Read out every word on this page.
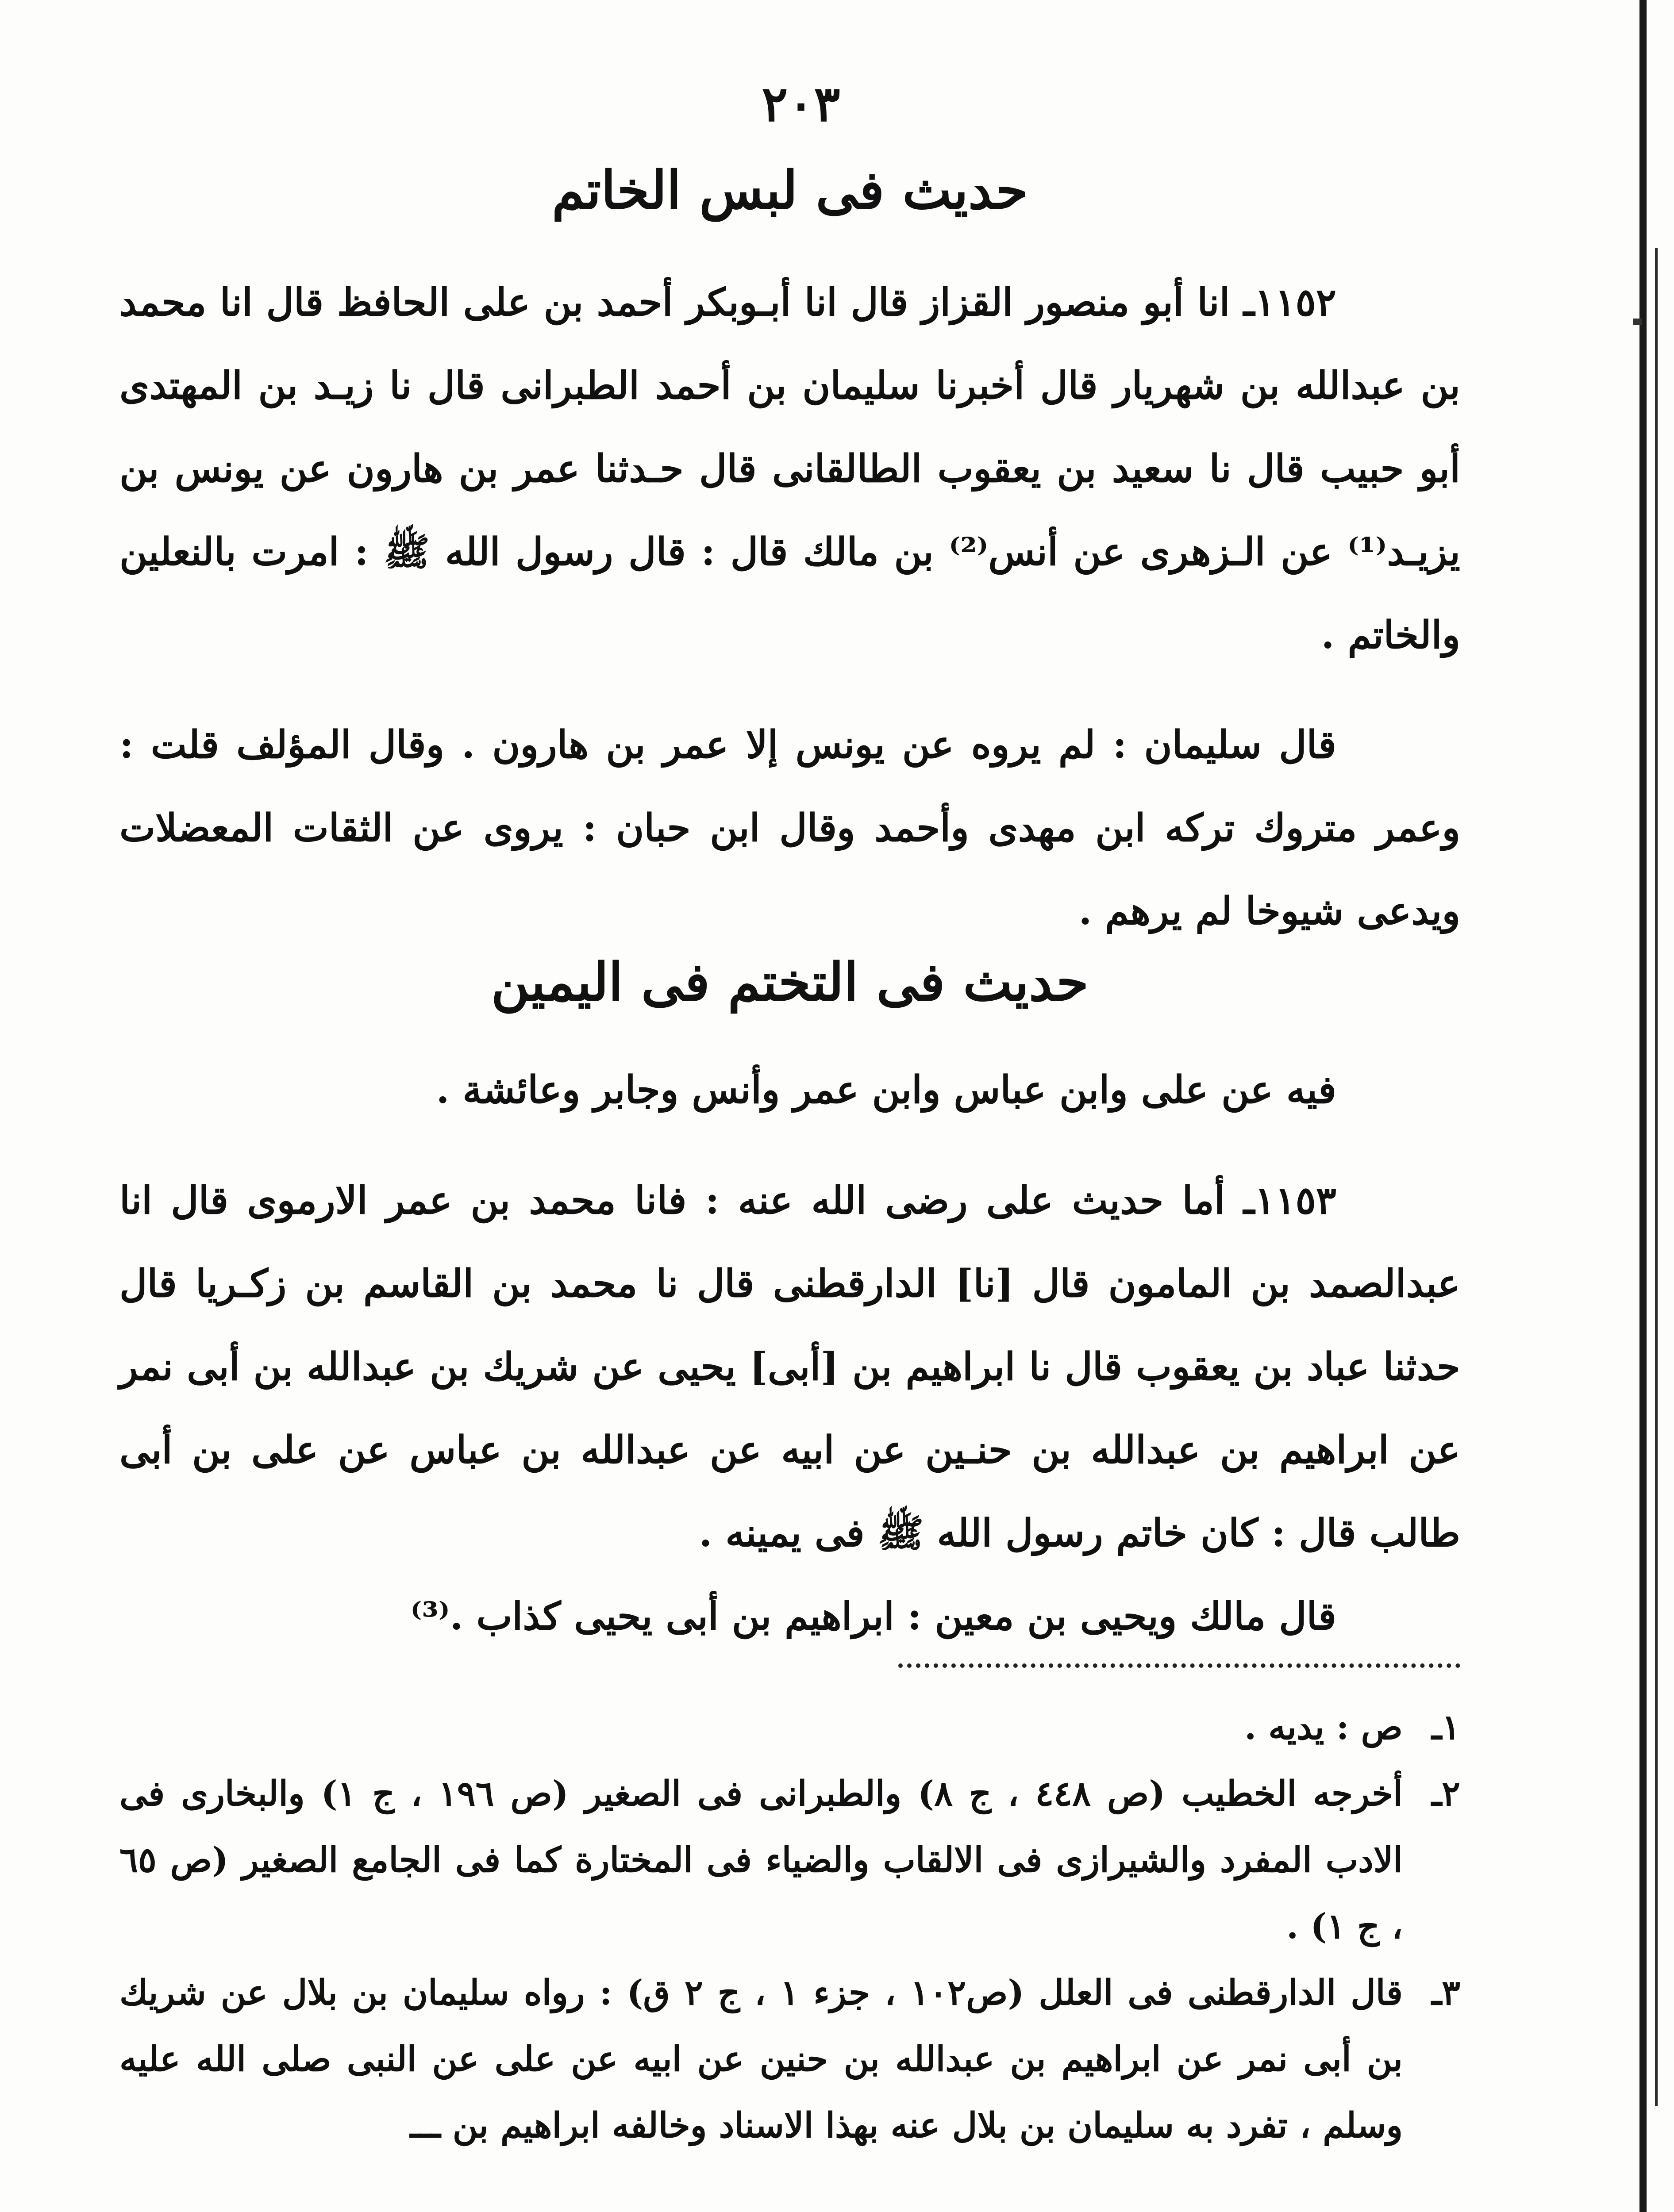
٢٠٣
حديث فى لبس الخاتم

١١٥٢ـ انا أبو منصور القزاز قال انا أبـوبكر أحمد بن على الحافظ قال انا محمد بن عبدالله بن شهريار قال أخبرنا سليمان بن أحمد الطبرانى قال نا زيـد بن المهتدى أبو حبيب قال نا سعيد بن يعقوب الطالقانى قال حـدثنا عمر بن هارون عن يونس بن يزيـد⁽¹⁾ عن الـزهرى عن أنس⁽²⁾ بن مالك قال : قال رسول الله ﷺ : امرت بالنعلين والخاتم .

قال سليمان : لم يروه عن يونس إلا عمر بن هارون . وقال المؤلف قلت : وعمر متروك تركه ابن مهدى وأحمد وقال ابن حبان : يروى عن الثقات المعضلات ويدعى شيوخا لم يرهم .

حديث فى التختم فى اليمين

فيه عن على وابن عباس وابن عمر وأنس وجابر وعائشة .

١١٥٣ـ أما حديث على رضى الله عنه : فانا محمد بن عمر الارموى قال انا عبدالصمد بن المامون قال [نا] الدارقطنى قال نا محمد بن القاسم بن زكـريا قال حدثنا عباد بن يعقوب قال نا ابراهيم بن [أبى] يحيى عن شريك بن عبدالله بن أبى نمر عن ابراهيم بن عبدالله بن حنـين عن ابيه عن عبدالله بن عباس عن على بن أبى طالب قال : كان خاتم رسول الله ﷺ فى يمينه .

قال مالك ويحيى بن معين : ابراهيم بن أبى يحيى كذاب .⁽³⁾

١ـ
ص : يديه .
٢ـ
أخرجه الخطيب (ص ٤٤٨ ، ج ٨) والطبرانى فى الصغير (ص ١٩٦ ، ج ١) والبخارى فى الادب المفرد والشيرازى فى الالقاب والضياء فى المختارة كما فى الجامع الصغير (ص ٦٥ ، ج ١) .
٣ـ
قال الدارقطنى فى العلل (ص١٠٢ ، جزء ١ ، ج ٢ ق) : رواه سليمان بن بلال عن شريك بن أبى نمر عن ابراهيم بن عبدالله بن حنين عن ابيه عن على عن النبى صلى الله عليه وسلم ، تفرد به سليمان بن بلال عنه بهذا الاسناد وخالفه ابراهيم بن ـــ
